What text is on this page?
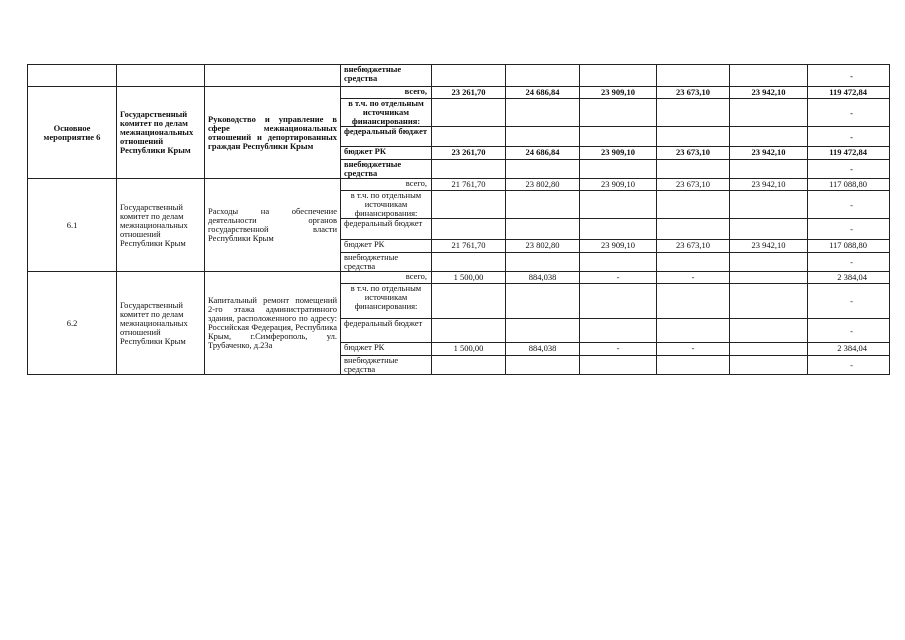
			внебюджетные средства						-
Основное мероприятие 6	Государственный комитет по делам межнациональных отношений Республики Крым	Руководство и управление в сфере межнациональных отношений и депортированных граждан Республики Крым	всего,	23 261,70	24 686,84	23 909,10	23 673,10	23 942,10	119 472,84
			в т.ч. по отдельным источникам финансирования:						-
			федеральный бюджет						-
			бюджет РК	23 261,70	24 686,84	23 909,10	23 673,10	23 942,10	119 472,84
			внебюджетные средства						-
6.1	Государственный комитет по делам межнациональных отношений Республики Крым	Расходы на обеспечение деятельности органов государственной власти Республики Крым	всего,	21 761,70	23 802,80	23 909,10	23 673,10	23 942,10	117 088,80
			в т.ч. по отдельным источникам финансирования:						-
			федеральный бюджет						-
			бюджет РК	21 761,70	23 802,80	23 909,10	23 673,10	23 942,10	117 088,80
			внебюджетные средства						-
6.2	Государственный комитет по делам межнациональных отношений Республики Крым	Капитальный ремонт помещений 2-го этажа административного здания, расположенного по адресу: Российская Федерация, Республика Крым, г.Симферополь, ул. Трубаченко, д.23а	всего,	1 500,00	884,038	-	-		2 384,04
			в т.ч. по отдельным источникам финансирования:						-
			федеральный бюджет						-
			бюджет РК	1 500,00	884,038	-	-		2 384,04
			внебюджетные средства						-
